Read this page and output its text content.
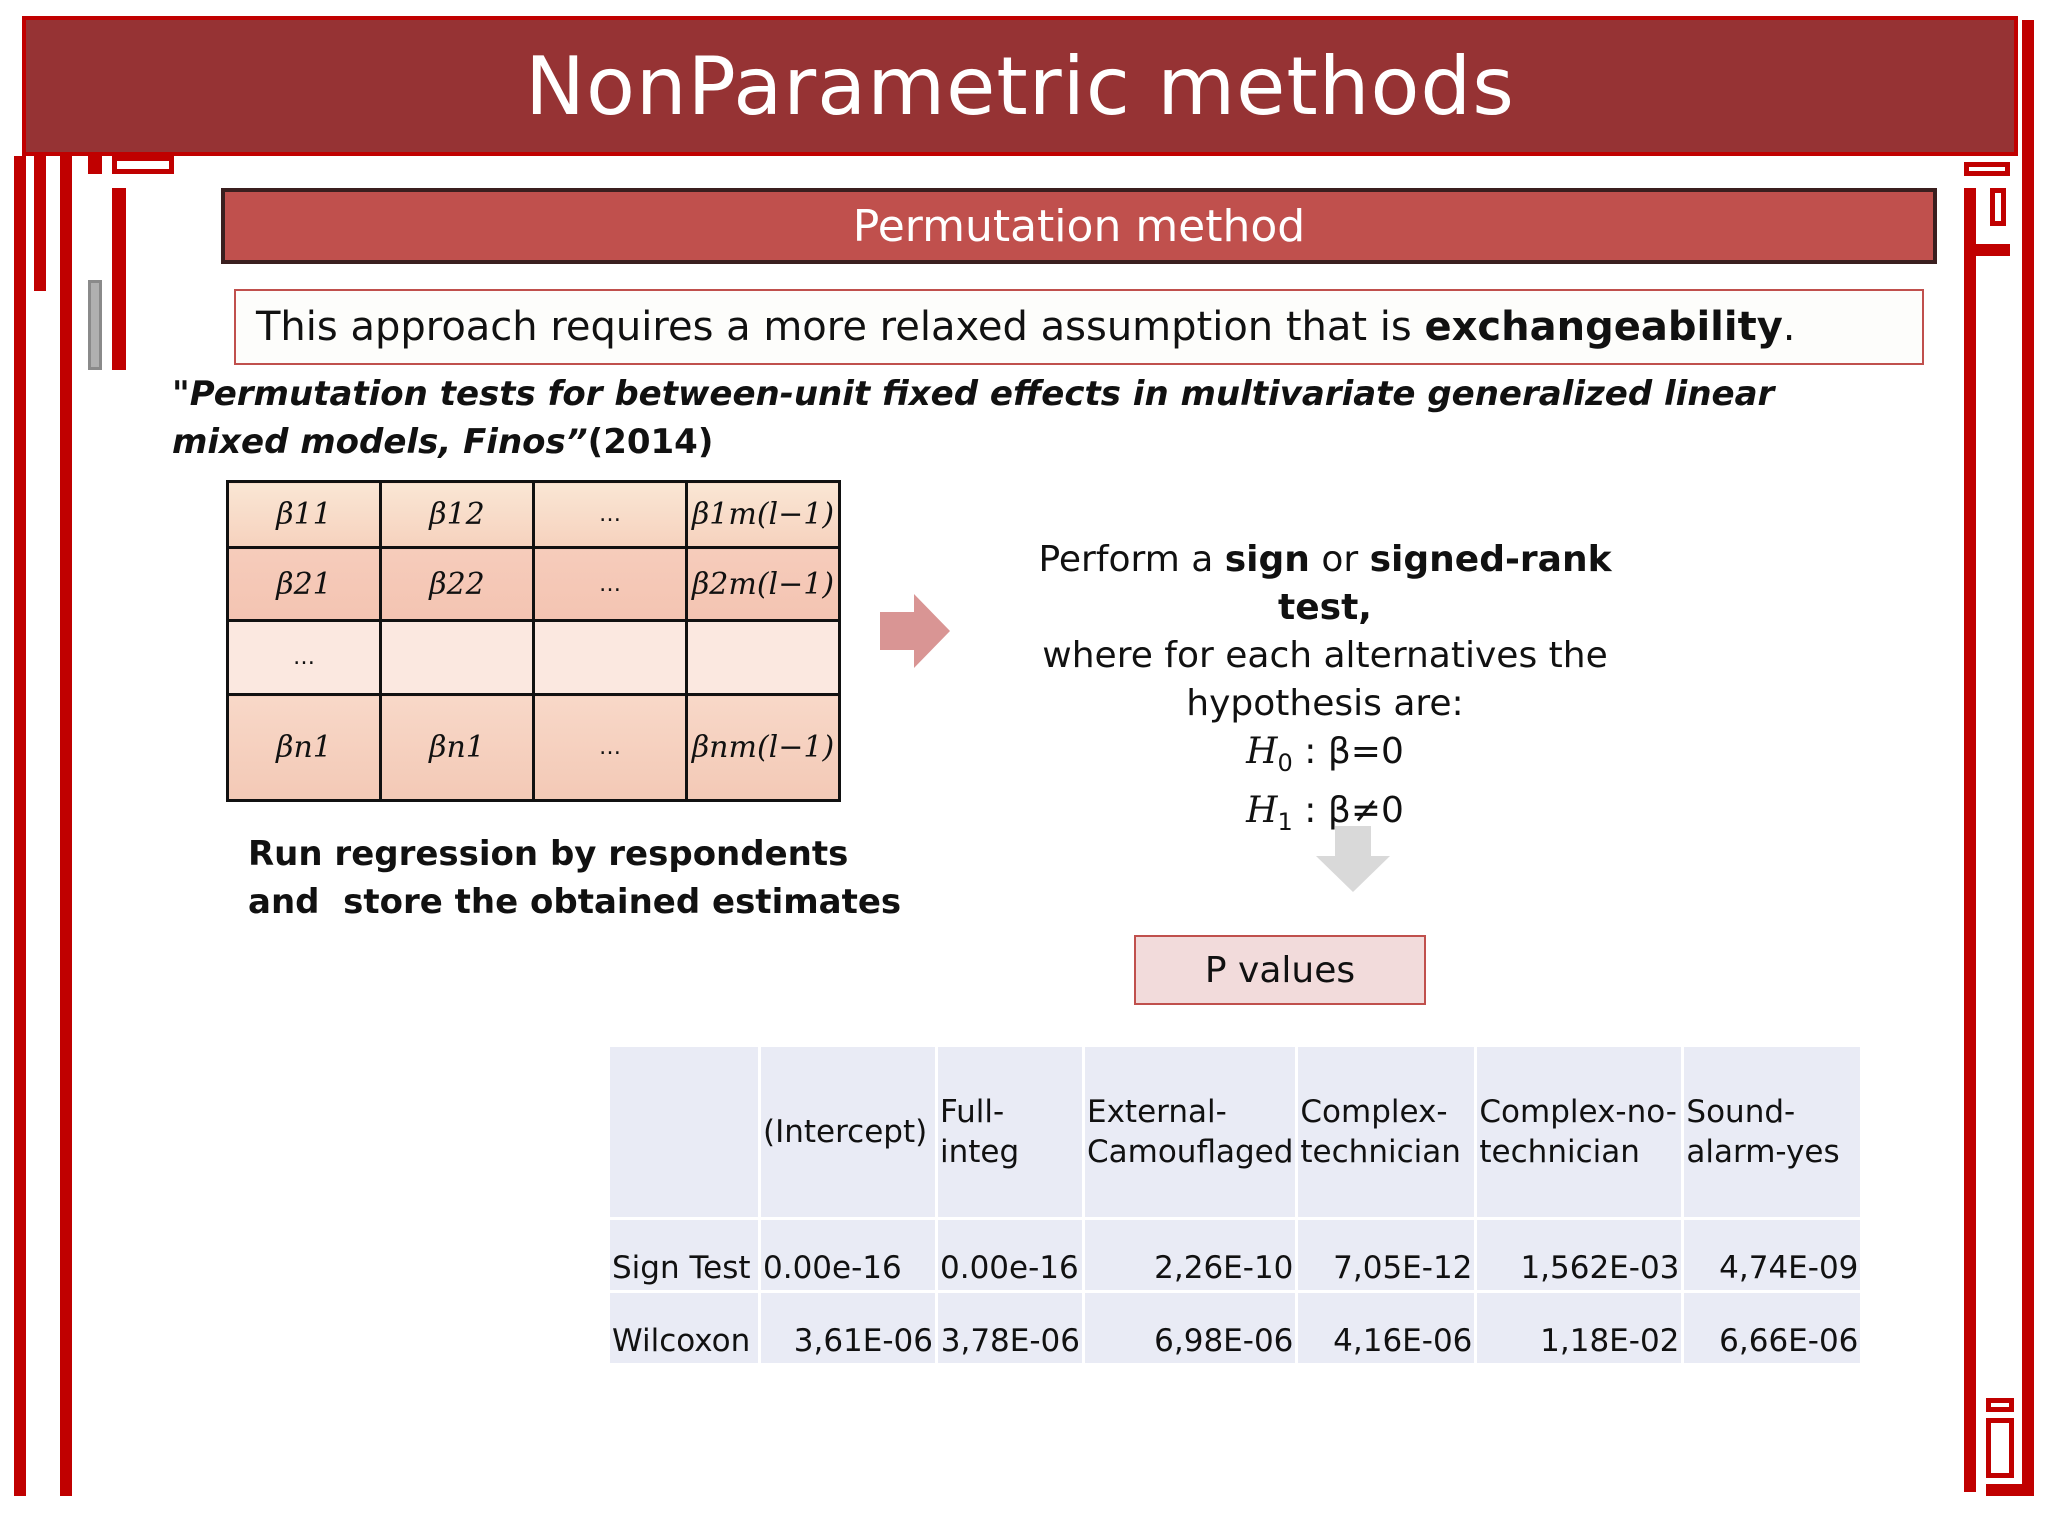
NonParametric methods
Permutation method
This approach requires a more relaxed assumption that is exchangeability .
"Permutation tests for between-unit fixed effects in multivariate generalized linear mixed models, Finos”(2014)
β11	β12	…	β1m(l−1)
β21	β22	…	β2m(l−1)
…			
βn1	βn1	…	βnm(l−1)
Perform a sign or signed-rank test,
where for each alternatives the
hypothesis are:
$H_0$ : β=0
$H_1$ : β≠0
Run regression by respondents
and  store the obtained estimates
P values
	(Intercept)	Full-integ	External-Camouflaged	Complex-technician	Complex-no-technician	Sound-alarm-yes
Sign Test	0.00e-16	0.00e-16	2,26E-10	7,05E-12	1,562E-03	4,74E-09
Wilcoxon	3,61E-06	3,78E-06	6,98E-06	4,16E-06	1,18E-02	6,66E-06
